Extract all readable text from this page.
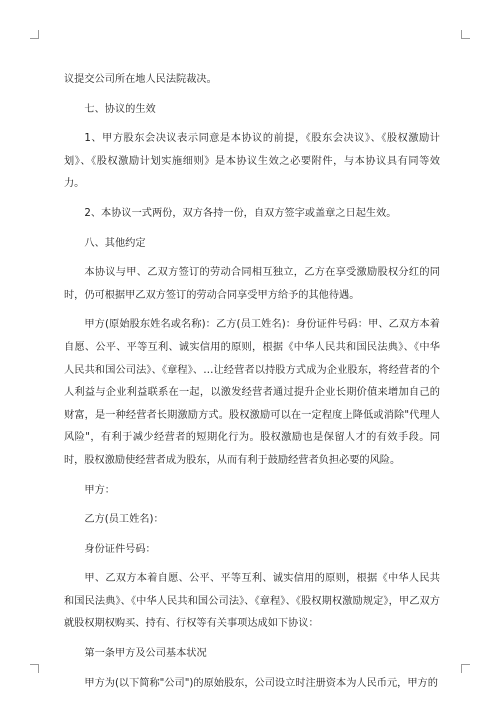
议提交公司所在地人民法院裁决。

七、协议的生效

1、甲方股东会决议表示同意是本协议的前提，《股东会决议》、《股权激励计划》、《股权激励计划实施细则》是本协议生效之必要附件，与本协议具有同等效力。

2、本协议一式两份，双方各持一份，自双方签字或盖章之日起生效。

八、其他约定

本协议与甲、乙双方签订的劳动合同相互独立，乙方在享受激励股权分红的同时，仍可根据甲乙双方签订的劳动合同享受甲方给予的其他待遇。

甲方(原始股东姓名或名称)：乙方(员工姓名)：身份证件号码：甲、乙双方本着自愿、公平、平等互利、诚实信用的原则，根据《中华人民共和国民法典》、《中华人民共和国公司法》、《章程》、…让经营者以持股方式成为企业股东，将经营者的个人利益与企业利益联系在一起，以激发经营者通过提升企业长期价值来增加自己的财富，是一种经营者长期激励方式。股权激励可以在一定程度上降低或消除"代理人风险"，有利于减少经营者的短期化行为。股权激励也是保留人才的有效手段。同时，股权激励使经营者成为股东，从而有利于鼓励经营者负担必要的风险。

甲方：

乙方(员工姓名)：

身份证件号码：

甲、乙双方本着自愿、公平、平等互利、诚实信用的原则，根据《中华人民共和国民法典》、《中华人民共和国公司法》、《章程》、《股权期权激励规定》，甲乙双方就股权期权购买、持有、行权等有关事项达成如下协议：

第一条甲方及公司基本状况

甲方为(以下简称"公司")的原始股东，公司设立时注册资本为人民币元，甲方的
